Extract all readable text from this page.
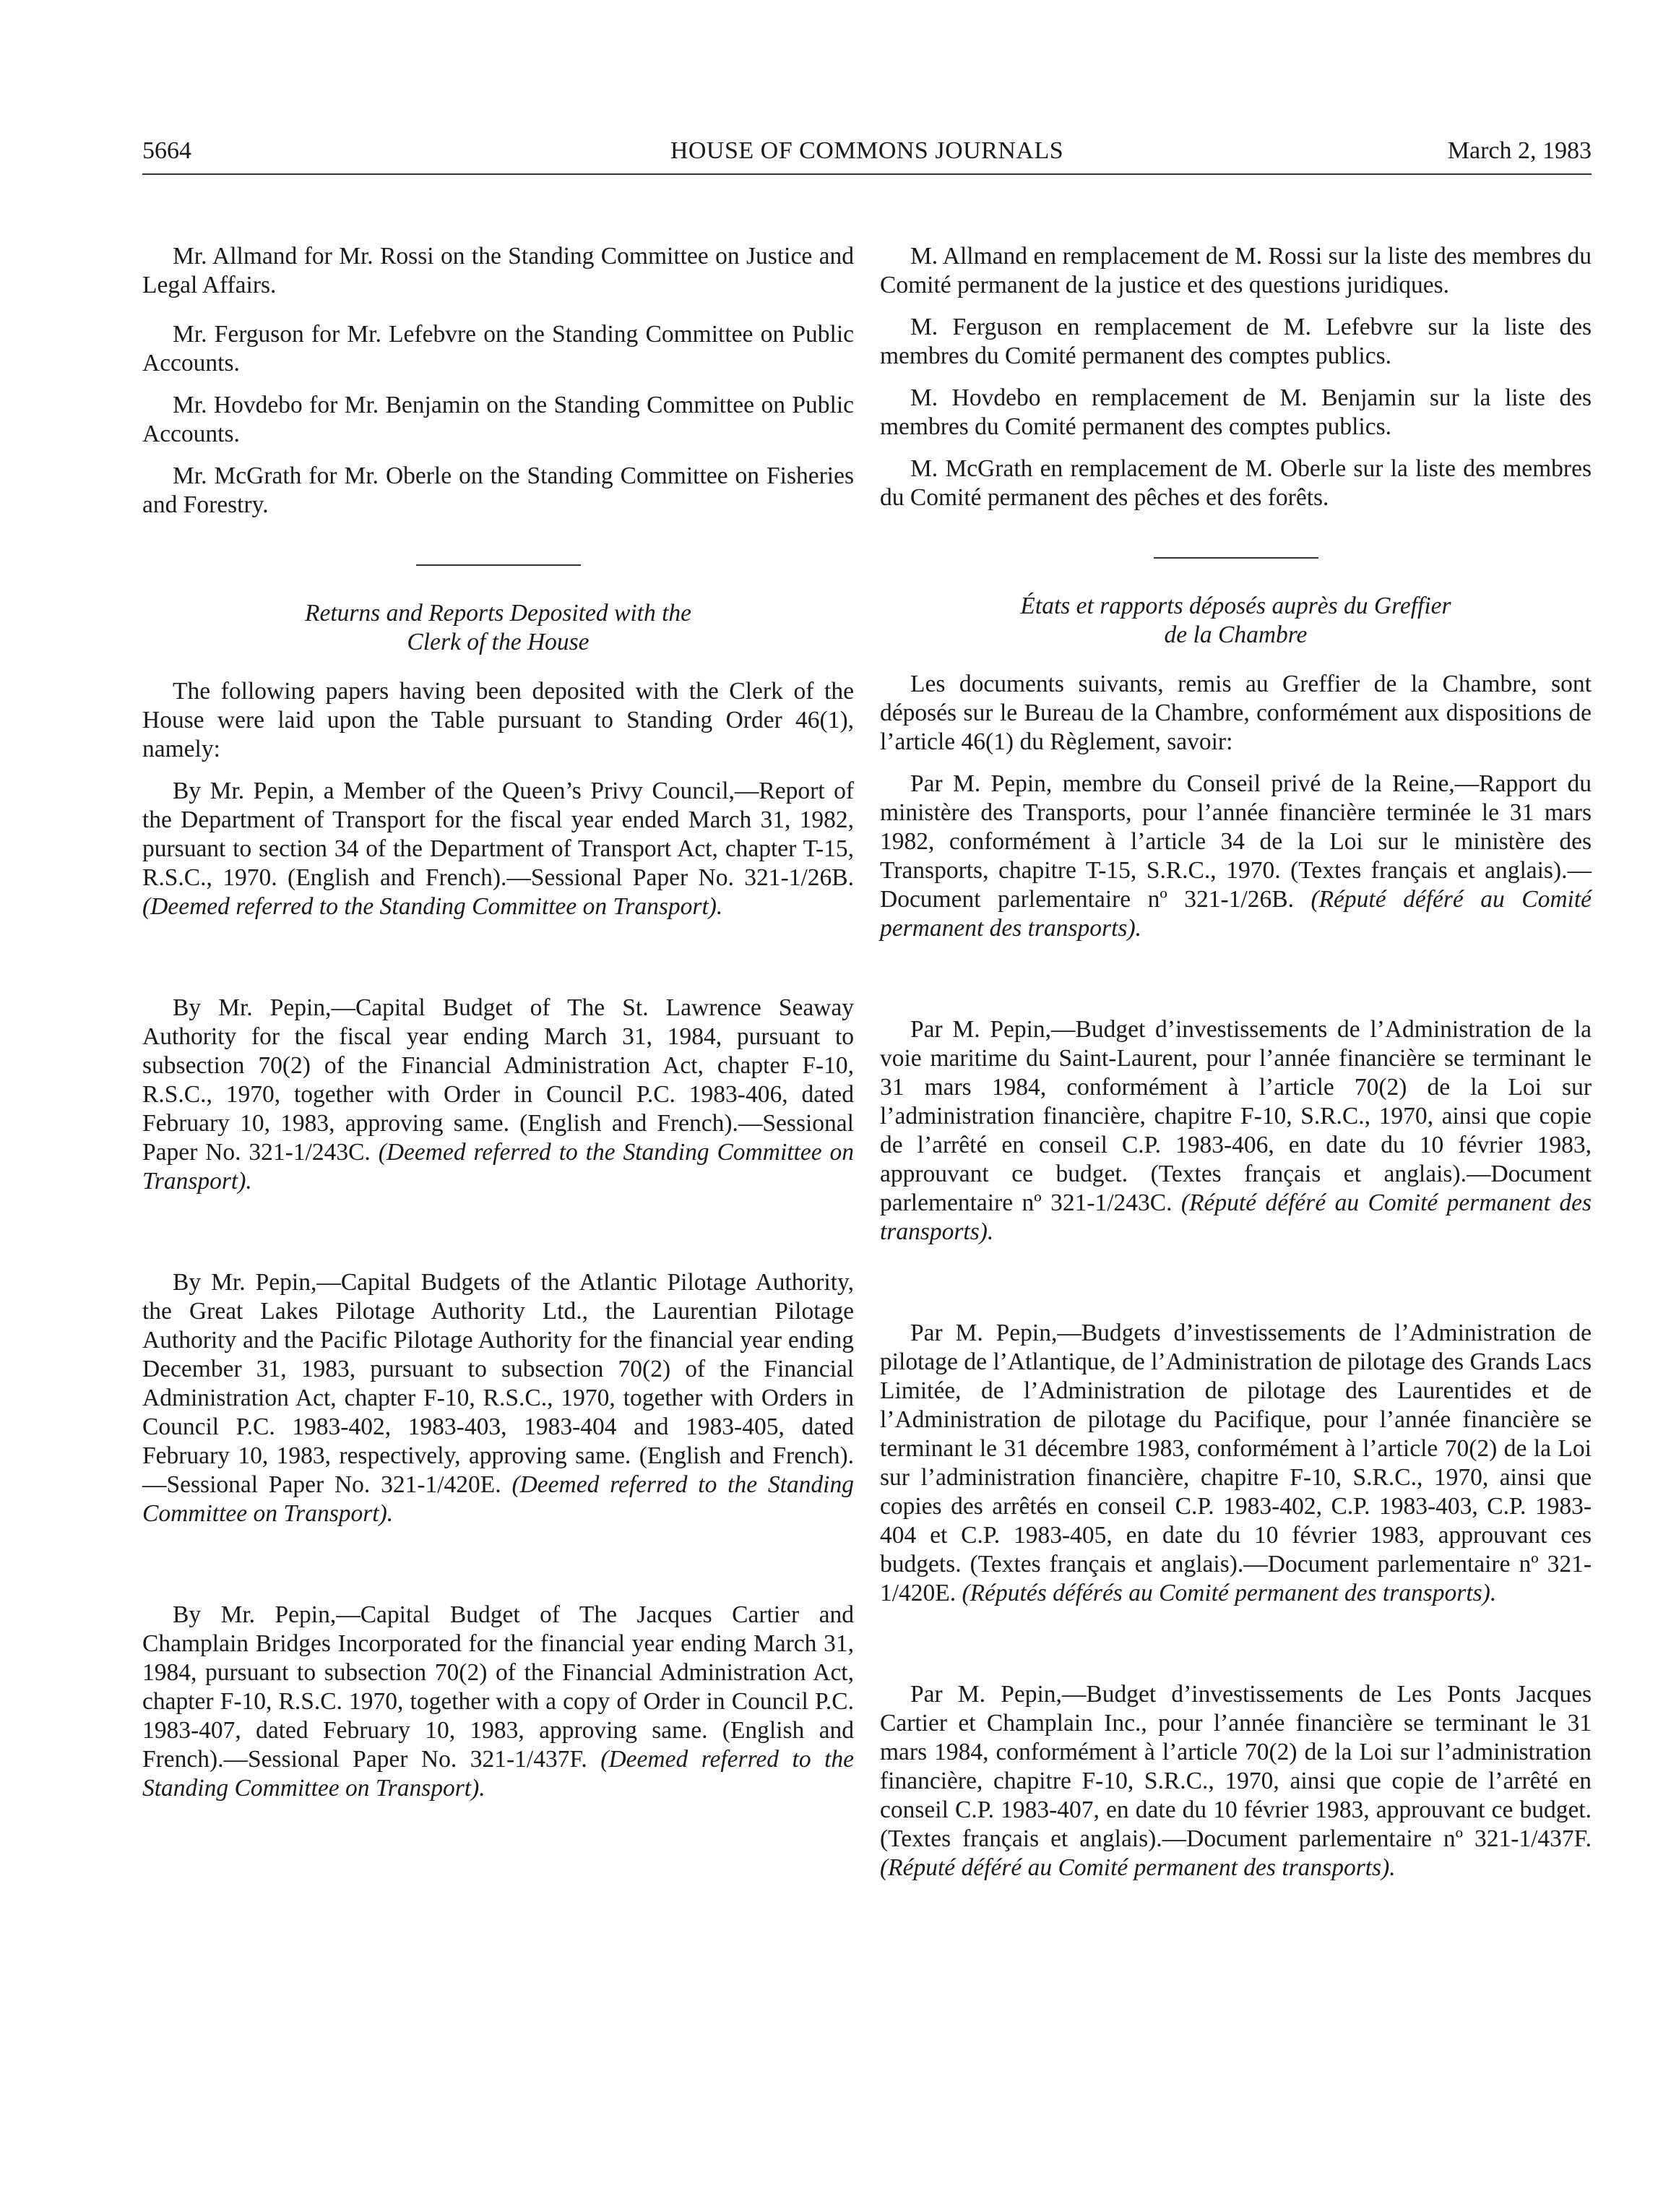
5664	HOUSE OF COMMONS JOURNALS	March 2, 1983

Mr. Allmand for Mr. Rossi on the Standing Committee on Justice and Legal Affairs.

Mr. Ferguson for Mr. Lefebvre on the Standing Committee on Public Accounts.

Mr. Hovdebo for Mr. Benjamin on the Standing Committee on Public Accounts.

Mr. McGrath for Mr. Oberle on the Standing Committee on Fisheries and Forestry.

Returns and Reports Deposited with the
Clerk of the House

The following papers having been deposited with the Clerk of the House were laid upon the Table pursuant to Standing Order 46(1), namely:

By Mr. Pepin, a Member of the Queen’s Privy Council,—Report of the Department of Transport for the fiscal year ended March 31, 1982, pursuant to section 34 of the Department of Transport Act, chapter T-15, R.S.C., 1970. (English and French).—Sessional Paper No. 321-1/26B. (Deemed referred to the Standing Committee on Transport).

By Mr. Pepin,—Capital Budget of The St. Lawrence Seaway Authority for the fiscal year ending March 31, 1984, pursuant to subsection 70(2) of the Financial Administration Act, chapter F-10, R.S.C., 1970, together with Order in Council P.C. 1983-406, dated February 10, 1983, approving same. (English and French).—Sessional Paper No. 321-1/243C. (Deemed referred to the Standing Committee on Transport).

By Mr. Pepin,—Capital Budgets of the Atlantic Pilotage Authority, the Great Lakes Pilotage Authority Ltd., the Laurentian Pilotage Authority and the Pacific Pilotage Authority for the financial year ending December 31, 1983, pursuant to subsection 70(2) of the Financial Administration Act, chapter F-10, R.S.C., 1970, together with Orders in Council P.C. 1983-402, 1983-403, 1983-404 and 1983-405, dated February 10, 1983, respectively, approving same. (English and French).—Sessional Paper No. 321-1/420E. (Deemed referred to the Standing Committee on Transport).

By Mr. Pepin,—Capital Budget of The Jacques Cartier and Champlain Bridges Incorporated for the financial year ending March 31, 1984, pursuant to subsection 70(2) of the Financial Administration Act, chapter F-10, R.S.C. 1970, together with a copy of Order in Council P.C. 1983-407, dated February 10, 1983, approving same. (English and French).—Sessional Paper No. 321-1/437F. (Deemed referred to the Standing Committee on Transport).

M. Allmand en remplacement de M. Rossi sur la liste des membres du Comité permanent de la justice et des questions juridiques.

M. Ferguson en remplacement de M. Lefebvre sur la liste des membres du Comité permanent des comptes publics.

M. Hovdebo en remplacement de M. Benjamin sur la liste des membres du Comité permanent des comptes publics.

M. McGrath en remplacement de M. Oberle sur la liste des membres du Comité permanent des pêches et des forêts.

États et rapports déposés auprès du Greffier
de la Chambre

Les documents suivants, remis au Greffier de la Chambre, sont déposés sur le Bureau de la Chambre, conformément aux dispositions de l’article 46(1) du Règlement, savoir:

Par M. Pepin, membre du Conseil privé de la Reine,—Rapport du ministère des Transports, pour l’année financière terminée le 31 mars 1982, conformément à l’article 34 de la Loi sur le ministère des Transports, chapitre T-15, S.R.C., 1970. (Textes français et anglais).—Document parlementaire nº 321-1/26B. (Réputé déféré au Comité permanent des transports).

Par M. Pepin,—Budget d’investissements de l’Administration de la voie maritime du Saint-Laurent, pour l’année financière se terminant le 31 mars 1984, conformément à l’article 70(2) de la Loi sur l’administration financière, chapitre F-10, S.R.C., 1970, ainsi que copie de l’arrêté en conseil C.P. 1983-406, en date du 10 février 1983, approuvant ce budget. (Textes français et anglais).—Document parlementaire nº 321-1/243C. (Réputé déféré au Comité permanent des transports).

Par M. Pepin,—Budgets d’investissements de l’Administration de pilotage de l’Atlantique, de l’Administration de pilotage des Grands Lacs Limitée, de l’Administration de pilotage des Laurentides et de l’Administration de pilotage du Pacifique, pour l’année financière se terminant le 31 décembre 1983, conformément à l’article 70(2) de la Loi sur l’administration financière, chapitre F-10, S.R.C., 1970, ainsi que copies des arrêtés en conseil C.P. 1983-402, C.P. 1983-403, C.P. 1983-404 et C.P. 1983-405, en date du 10 février 1983, approuvant ces budgets. (Textes français et anglais).—Document parlementaire nº 321-1/420E. (Réputés déférés au Comité permanent des transports).

Par M. Pepin,—Budget d’investissements de Les Ponts Jacques Cartier et Champlain Inc., pour l’année financière se terminant le 31 mars 1984, conformément à l’article 70(2) de la Loi sur l’administration financière, chapitre F-10, S.R.C., 1970, ainsi que copie de l’arrêté en conseil C.P. 1983-407, en date du 10 février 1983, approuvant ce budget. (Textes français et anglais).—Document parlementaire nº 321-1/437F. (Réputé déféré au Comité permanent des transports).
